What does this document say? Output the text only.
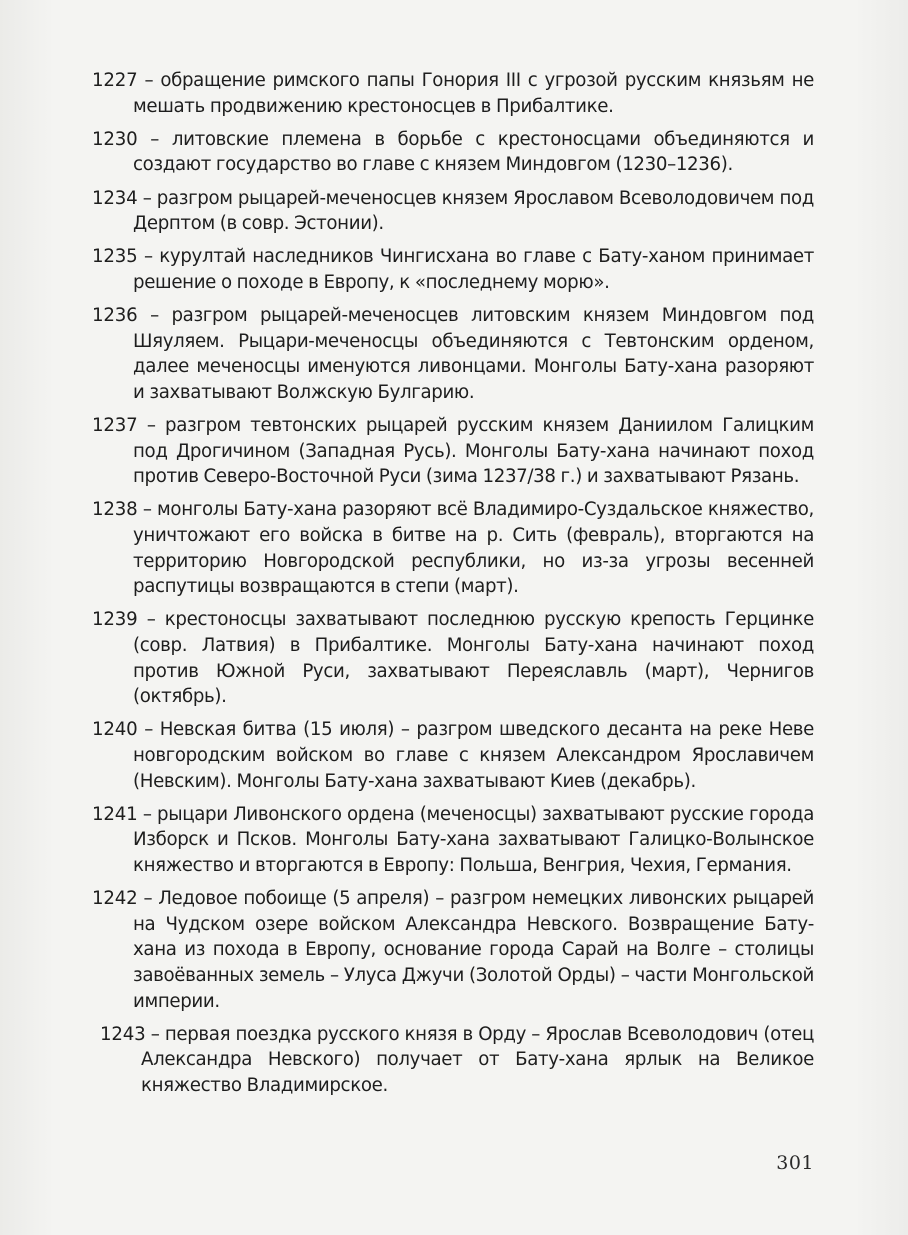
1227 – обращение римского папы Гонория III с угрозой русским князьям не мешать продвижению крестоносцев в Прибалтике.

1230 – литовские племена в борьбе с крестоносцами объединяются и создают государство во главе с князем Миндовгом (1230–1236).

1234 – разгром рыцарей-меченосцев князем Ярославом Всеволодовичем под Дерптом (в совр. Эстонии).

1235 – курултай наследников Чингисхана во главе с Бату-ханом принимает решение о походе в Европу, к «последнему морю».

1236 – разгром рыцарей-меченосцев литовским князем Миндовгом под Шяуляем. Рыцари-меченосцы объединяются с Тевтонским орденом, далее меченосцы именуются ливонцами. Монголы Бату-хана разоряют и захватывают Волжскую Булгарию.

1237 – разгром тевтонских рыцарей русским князем Даниилом Галицким под Дрогичином (Западная Русь). Монголы Бату-хана начинают поход против Северо-Восточной Руси (зима 1237/38 г.) и захватывают Рязань.

1238 – монголы Бату-хана разоряют всё Владимиро-Суздальское княжество, уничтожают его войска в битве на р. Сить (февраль), вторгаются на территорию Новгородской республики, но из-за угрозы весенней распутицы возвращаются в степи (март).

1239 – крестоносцы захватывают последнюю русскую крепость Герцинке (совр. Латвия) в Прибалтике. Монголы Бату-хана начинают поход против Южной Руси, захватывают Переяславль (март), Чернигов (октябрь).

1240 – Невская битва (15 июля) – разгром шведского десанта на реке Неве новгородским войском во главе с князем Александром Ярославичем (Невским). Монголы Бату-хана захватывают Киев (декабрь).

1241 – рыцари Ливонского ордена (меченосцы) захватывают русские города Изборск и Псков. Монголы Бату-хана захватывают Галицко-Волынское княжество и вторгаются в Европу: Польша, Венгрия, Чехия, Германия.

1242 – Ледовое побоище (5 апреля) – разгром немецких ливонских рыцарей на Чудском озере войском Александра Невского. Возвращение Бату-хана из похода в Европу, основание города Сарай на Волге – столицы завоёванных земель – Улуса Джучи (Золотой Орды) – части Монгольской империи.

1243 – первая поездка русского князя в Орду – Ярослав Всеволодович (отец Александра Невского) получает от Бату-хана ярлык на Великое княжество Владимирское.

301
